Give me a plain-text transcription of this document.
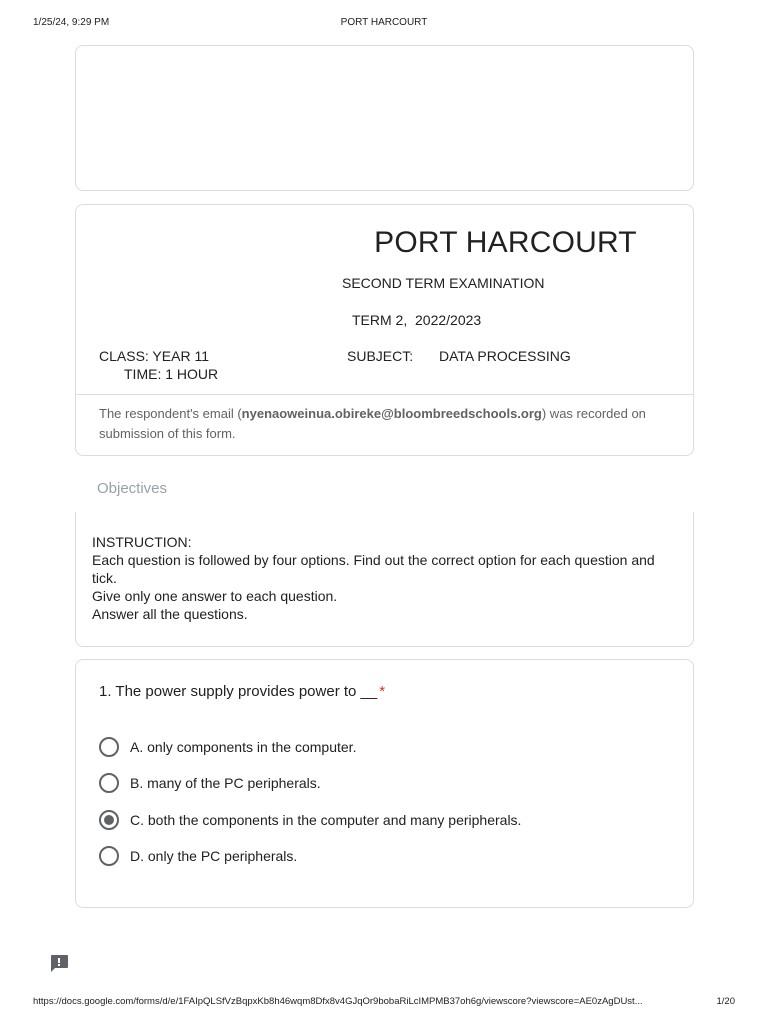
1/25/24, 9:29 PM	PORT HARCOURT
PORT HARCOURT
SECOND TERM EXAMINATION
TERM 2,  2022/2023
CLASS: YEAR 11	SUBJECT: DATA PROCESSING
TIME: 1 HOUR
The respondent's email (nyenaoweinua.obireke@bloombreedschools.org) was recorded on submission of this form.
Objectives
INSTRUCTION:
Each question is followed by four options. Find out the correct option for each question and tick.
Give only one answer to each question.
Answer all the questions.
1. The power supply provides power to __ *
A. only components in the computer.
B. many of the PC peripherals.
C. both the components in the computer and many peripherals.
D. only the PC peripherals.
https://docs.google.com/forms/d/e/1FAIpQLSfVzBqpxKb8h46wqm8Dfx8v4GJqOr9bobaRiLcIMPMB37oh6g/viewscore?viewscore=AE0zAgDUst...	1/20
